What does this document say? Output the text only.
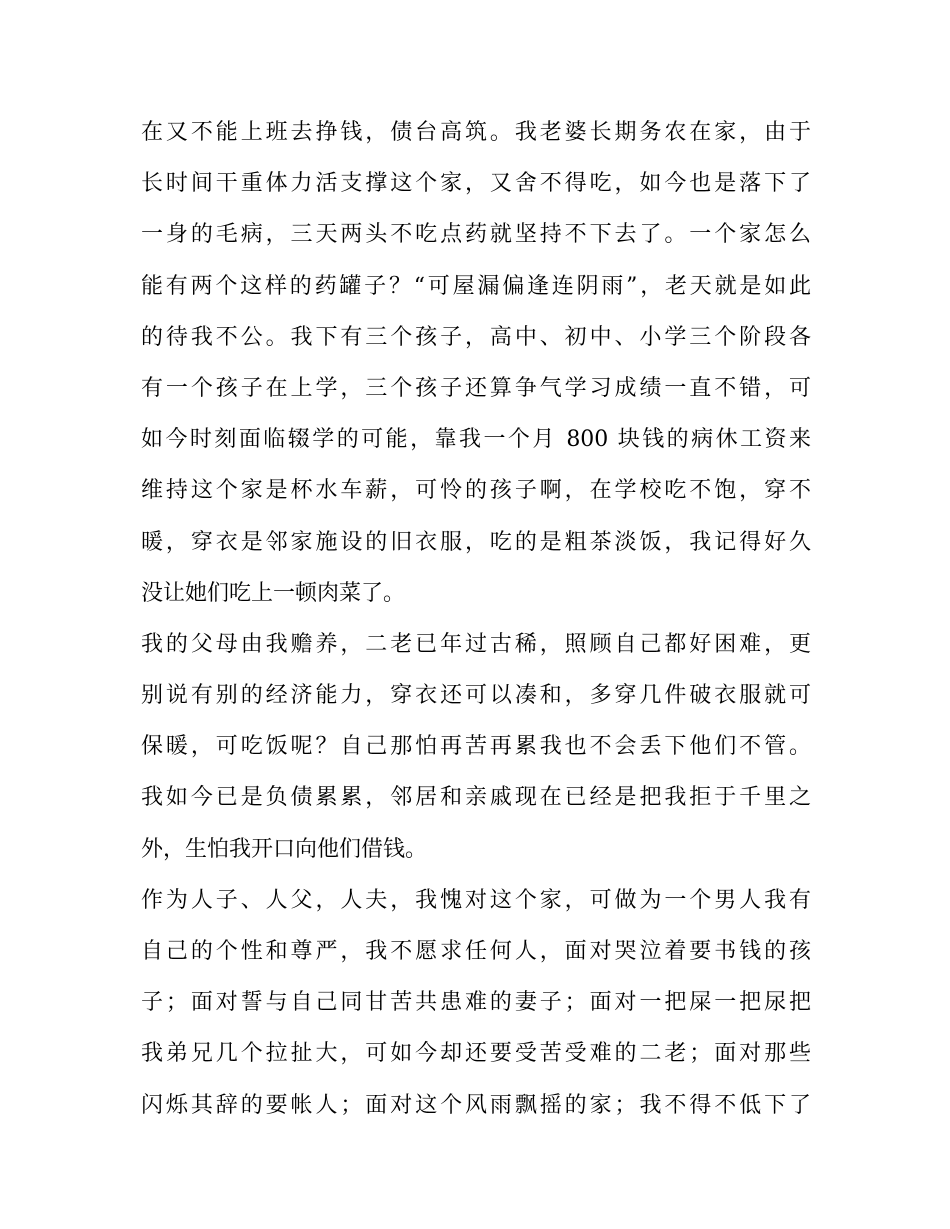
在又不能上班去挣钱，债台高筑。我老婆长期务农在家，由于
长时间干重体力活支撑这个家，又舍不得吃，如今也是落下了
一身的毛病，三天两头不吃点药就坚持不下去了。一个家怎么
能有两个这样的药罐子？“可屋漏偏逢连阴雨”，老天就是如此
的待我不公。我下有三个孩子，高中、初中、小学三个阶段各
有一个孩子在上学，三个孩子还算争气学习成绩一直不错，可
如今时刻面临辍学的可能，靠我一个月 800 块钱的病休工资来
维持这个家是杯水车薪，可怜的孩子啊，在学校吃不饱，穿不
暖，穿衣是邻家施设的旧衣服，吃的是粗茶淡饭，我记得好久
没让她们吃上一顿肉菜了。
我的父母由我赡养，二老已年过古稀，照顾自己都好困难，更
别说有别的经济能力，穿衣还可以凑和，多穿几件破衣服就可
保暖，可吃饭呢？自己那怕再苦再累我也不会丢下他们不管。
我如今已是负债累累，邻居和亲戚现在已经是把我拒于千里之
外，生怕我开口向他们借钱。
作为人子、人父，人夫，我愧对这个家，可做为一个男人我有
自己的个性和尊严，我不愿求任何人，面对哭泣着要书钱的孩
子；面对誓与自己同甘苦共患难的妻子；面对一把屎一把尿把
我弟兄几个拉扯大，可如今却还要受苦受难的二老；面对那些
闪烁其辞的要帐人；面对这个风雨飘摇的家；我不得不低下了
